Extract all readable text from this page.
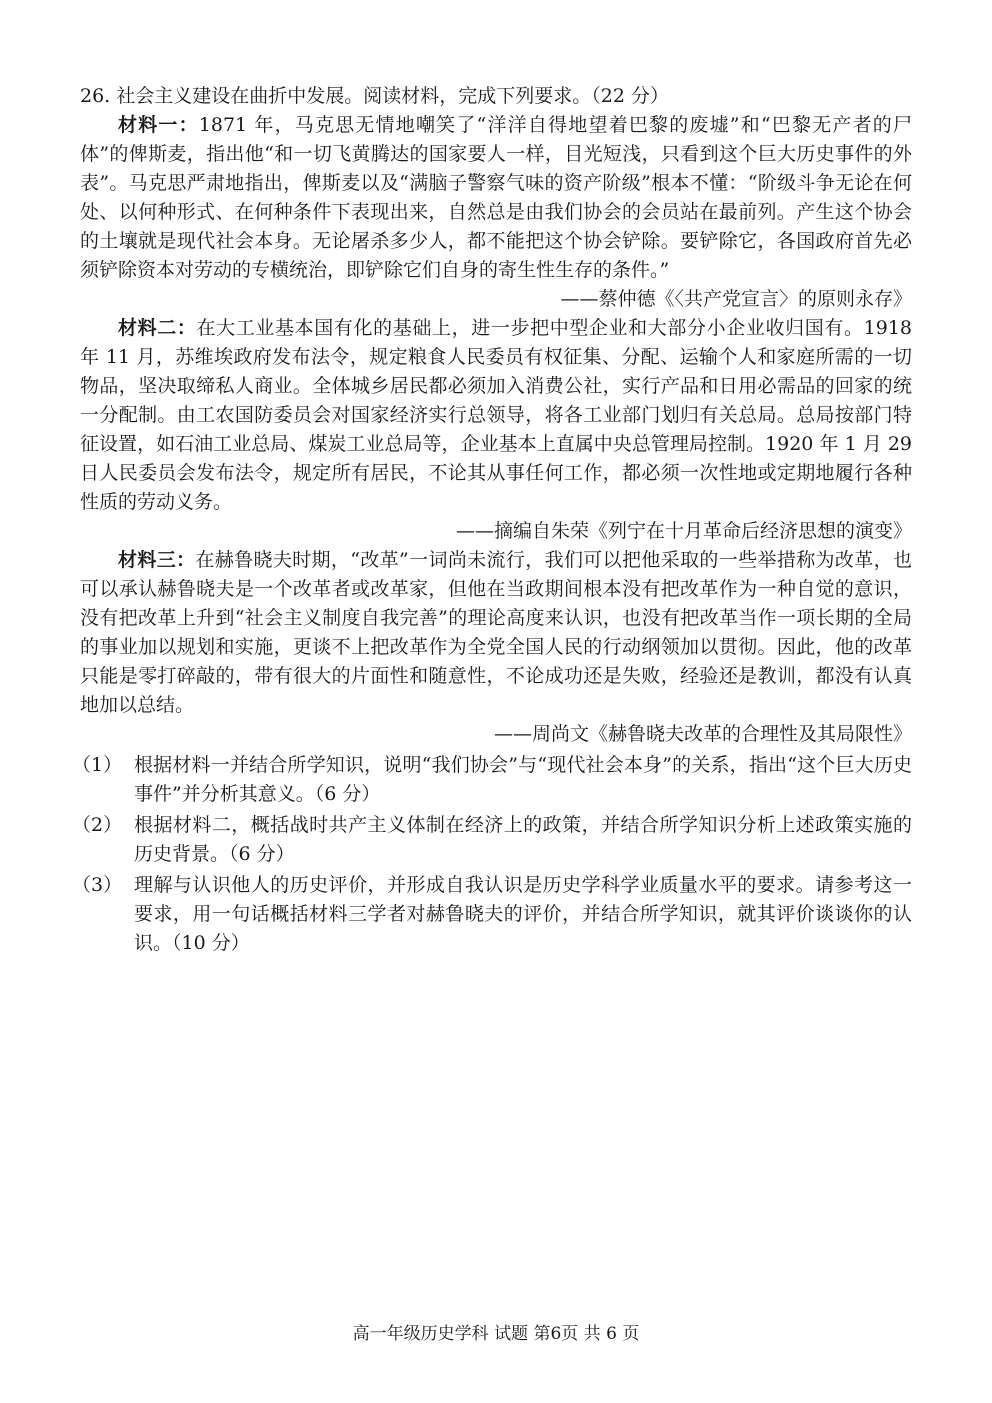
26. 社会主义建设在曲折中发展。阅读材料，完成下列要求。（22 分）
材料一：1871 年，马克思无情地嘲笑了“洋洋自得地望着巴黎的废墟”和“巴黎无产者的尸体”的俾斯麦，指出他“和一切飞黄腾达的国家要人一样，目光短浅，只看到这个巨大历史事件的外表”。马克思严肃地指出，俾斯麦以及“满脑子警察气味的资产阶级”根本不懂：“阶级斗争无论在何处、以何种形式、在何种条件下表现出来，自然总是由我们协会的会员站在最前列。产生这个协会的土壤就是现代社会本身。无论屠杀多少人，都不能把这个协会铲除。要铲除它，各国政府首先必须铲除资本对劳动的专横统治，即铲除它们自身的寄生性生存的条件。”
——蔡仲德《〈共产党宣言〉的原则永存》
材料二：在大工业基本国有化的基础上，进一步把中型企业和大部分小企业收归国有。1918 年 11 月，苏维埃政府发布法令，规定粮食人民委员有权征集、分配、运输个人和家庭所需的一切物品，坚决取缔私人商业。全体城乡居民都必须加入消费公社，实行产品和日用必需品的回家的统一分配制。由工农国防委员会对国家经济实行总领导，将各工业部门划归有关总局。总局按部门特征设置，如石油工业总局、煤炭工业总局等，企业基本上直属中央总管理局控制。1920 年 1 月 29 日人民委员会发布法令，规定所有居民，不论其从事任何工作，都必须一次性地或定期地履行各种性质的劳动义务。
——摘编自朱荣《列宁在十月革命后经济思想的演变》
材料三：在赫鲁晓夫时期，“改革”一词尚未流行，我们可以把他采取的一些举措称为改革，也可以承认赫鲁晓夫是一个改革者或改革家，但他在当政期间根本没有把改革作为一种自觉的意识，没有把改革上升到“社会主义制度自我完善”的理论高度来认识，也没有把改革当作一项长期的全局的事业加以规划和实施，更谈不上把改革作为全党全国人民的行动纲领加以贯彻。因此，他的改革只能是零打碎敲的，带有很大的片面性和随意性，不论成功还是失败，经验还是教训，都没有认真地加以总结。
——周尚文《赫鲁晓夫改革的合理性及其局限性》
（1） 根据材料一并结合所学知识，说明“我们协会”与“现代社会本身”的关系，指出“这个巨大历史事件”并分析其意义。（6 分）
（2） 根据材料二，概括战时共产主义体制在经济上的政策，并结合所学知识分析上述政策实施的历史背景。（6 分）
（3） 理解与认识他人的历史评价，并形成自我认识是历史学科学业质量水平的要求。请参考这一要求，用一句话概括材料三学者对赫鲁晓夫的评价，并结合所学知识，就其评价谈谈你的认识。（10 分）
高一年级历史学科 试题 第6页 共 6 页
